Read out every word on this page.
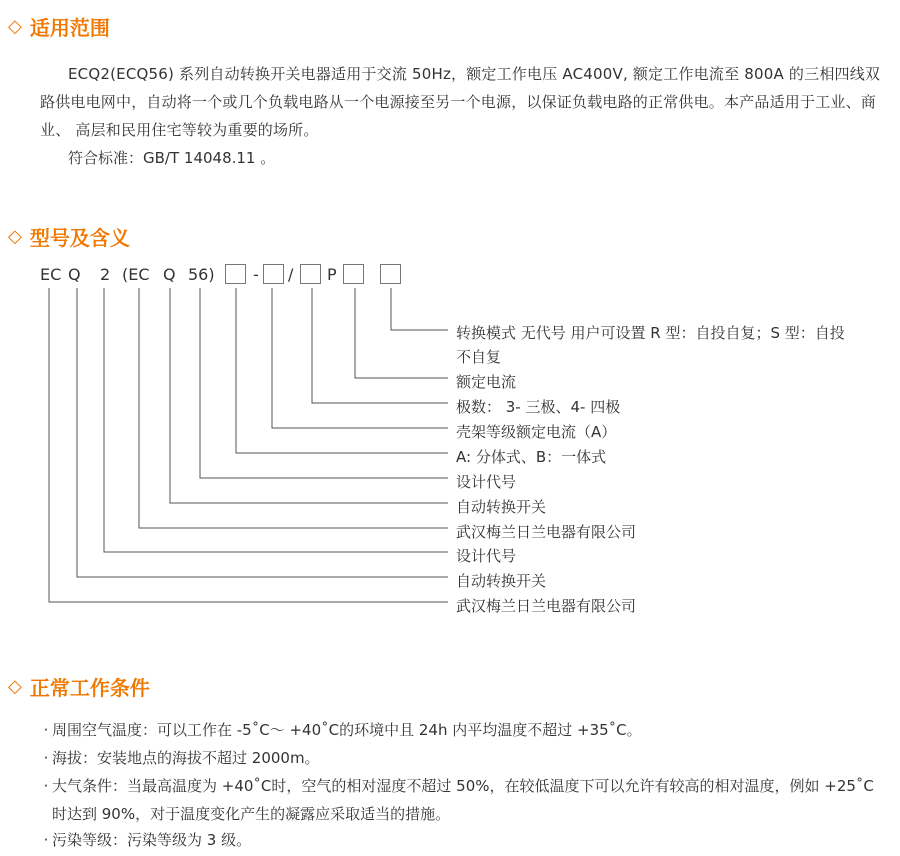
◇ 适用范围

ECQ2(ECQ56) 系列自动转换开关电器适用于交流 50Hz，额定工作电压 AC400V, 额定工作电流至 800A 的三相四线双路供电电网中，自动将一个或几个负载电路从一个电源接至另一个电源，以保证负载电路的正常供电。本产品适用于工业、商业、 高层和民用住宅等较为重要的场所。

符合标准：GB/T 14048.11 。

◇ 型号及含义
EC Q 2 (EC Q 56) - / P

转换模式 无代号 用户可设置 R 型：自投自复；S 型：自投

不自复

额定电流

极数： 3- 三极、4- 四极

壳架等级额定电流（A）

A: 分体式、B：一体式

设计代号

自动转换开关

武汉梅兰日兰电器有限公司

设计代号

自动转换开关

武汉梅兰日兰电器有限公司

◇ 正常工作条件
· 周围空气温度：可以工作在 -5˚C～ +40˚C的环境中且 24h 内平均温度不超过 +35˚C。
· 海拔：安装地点的海拔不超过 2000m。
· 大气条件：当最高温度为 +40˚C时，空气的相对湿度不超过 50%，在较低温度下可以允许有较高的相对温度，例如 +25˚C时达到 90%，对于温度变化产生的凝露应采取适当的措施。
· 污染等级：污染等级为 3 级。
